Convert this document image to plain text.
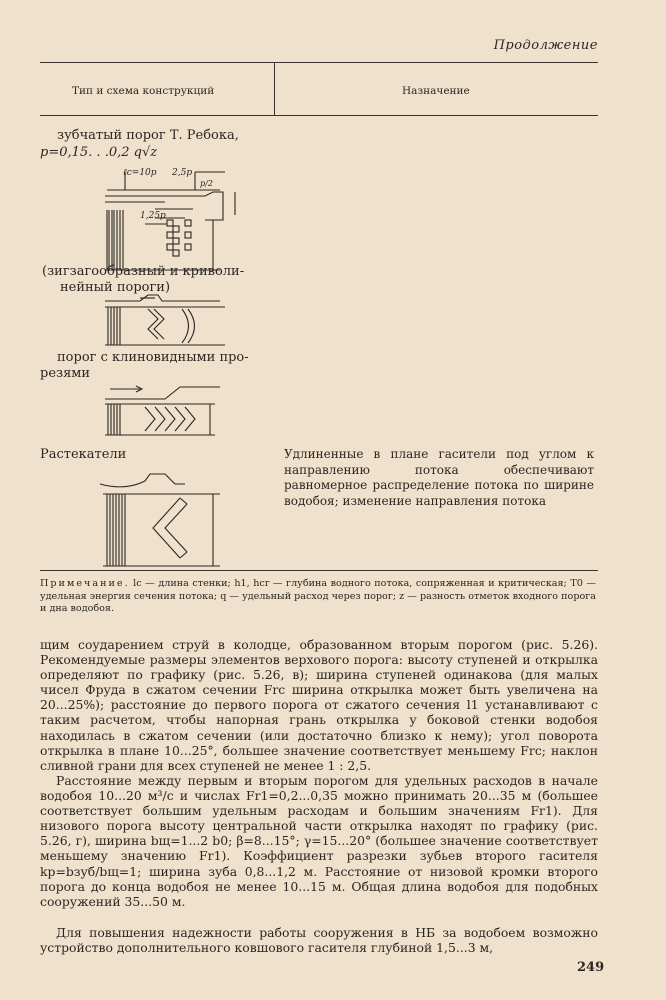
Продолжение
Тип и схема конструкций	Назначение
зубчатый порог Т. Ребока,
p=0,15. . .0,2 q√z
ℓc=10p 2,5p
1,25p
p/2
(зигзагообразный и криволи-
нейный пороги)
порог с клиновидными про-
резями
Растекатели	Удлиненные в плане гасители под углом к направлению потока обеспечивают равномерное распределение потока по ширине водобоя; изменение направления потока
Примечание. lc — длина стенки; h1, hcr — глубина водного потока, сопряженная и критическая; T0 — удельная энергия сечения потока; q — удельный расход через порог; z — разность отметок входного порога и дна водобоя.
щим соударением струй в колодце, образованном вторым порогом (рис. 5.26). Рекомендуемые размеры элементов верхового порога: высоту ступеней и открылка определяют по графику (рис. 5.26, в); ширина ступеней одинакова (для малых чисел Фруда в сжатом сечении Frc ширина открылка может быть увеличена на 20...25%); расстояние до первого порога от сжатого сечения l1 устанавливают с таким расчетом, чтобы напорная грань открылка у боковой стенки водобоя находилась в сжатом сечении (или достаточно близко к нему); угол поворота открылка в плане 10...25°, большее значение соответствует меньшему Frc; наклон сливной грани для всех ступеней не менее 1 : 2,5.
Расстояние между первым и вторым порогом для удельных расходов в начале водобоя 10...20 м³/с и числах Fr1=0,2...0,35 можно принимать 20...35 м (большее соответствует большим удельным расходам и большим значениям Fr1). Для низового порога высоту центральной части открылка находят по графику (рис. 5.26, г), ширина bщ=1...2 b0; β=8...15°; γ=15...20° (большее значение соответствует меньшему значению Fr1). Коэффициент разрезки зубьев второго гасителя kp=bзуб/bщ=1; ширина зуба 0,8...1,2 м. Расстояние от низовой кромки второго порога до конца водобоя не менее 10...15 м. Общая длина водобоя для подобных сооружений 35...50 м.
Для повышения надежности работы сооружения в НБ за водобоем возможно устройство дополнительного ковшового гасителя глубиной 1,5...3 м,
249
